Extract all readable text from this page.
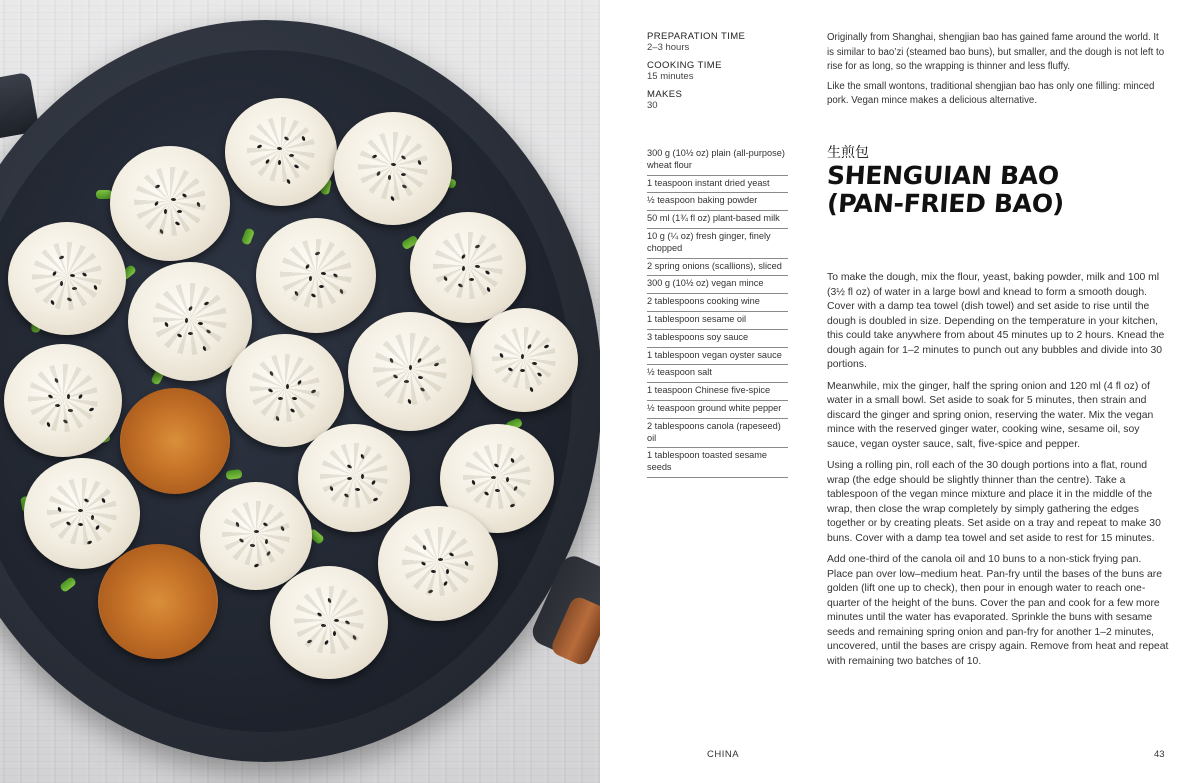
PREPARATION TIME
2–3 hours
COOKING TIME
15 minutes
MAKES
30

Originally from Shanghai, shengjian bao has gained fame around the world. It is similar to bao’zi (steamed bao buns), but smaller, and the dough is not left to rise for as long, so the wrapping is thinner and less fluffy.

Like the small wontons, traditional shengjian bao has only one filling: minced pork. Vegan mince makes a delicious alternative.

300 g (10½ oz) plain (all-purpose) wheat flour
1 teaspoon instant dried yeast
½ teaspoon baking powder
50 ml (1¾ fl oz) plant-based milk
10 g (¼ oz) fresh ginger, finely chopped
2 spring onions (scallions), sliced
300 g (10½ oz) vegan mince
2 tablespoons cooking wine
1 tablespoon sesame oil
3 tablespoons soy sauce
1 tablespoon vegan oyster sauce
½ teaspoon salt
1 teaspoon Chinese five-spice
½ teaspoon ground white pepper
2 tablespoons canola (rapeseed) oil
1 tablespoon toasted sesame seeds
生煎包
SHENGUIAN BAO
(PAN-FRIED BAO)

To make the dough, mix the flour, yeast, baking powder, milk and 100 ml (3½ fl oz) of water in a large bowl and knead to form a smooth dough. Cover with a damp tea towel (dish towel) and set aside to rise until the dough is doubled in size. Depending on the temperature in your kitchen, this could take anywhere from about 45 minutes up to 2 hours. Knead the dough again for 1–2 minutes to punch out any bubbles and divide into 30 portions.

Meanwhile, mix the ginger, half the spring onion and 120 ml (4 fl oz) of water in a small bowl. Set aside to soak for 5 minutes, then strain and discard the ginger and spring onion, reserving the water. Mix the vegan mince with the reserved ginger water, cooking wine, sesame oil, soy sauce, vegan oyster sauce, salt, five-spice and pepper.

Using a rolling pin, roll each of the 30 dough portions into a flat, round wrap (the edge should be slightly thinner than the centre). Take a tablespoon of the vegan mince mixture and place it in the middle of the wrap, then close the wrap completely by simply gathering the edges together or by creating pleats. Set aside on a tray and repeat to make 30 buns. Cover with a damp tea towel and set aside to rest for 15 minutes.

Add one-third of the canola oil and 10 buns to a non-stick frying pan. Place pan over low–medium heat. Pan-fry until the bases of the buns are golden (lift one up to check), then pour in enough water to reach one-quarter of the height of the buns. Cover the pan and cook for a few more minutes until the water has evaporated. Sprinkle the buns with sesame seeds and remaining spring onion and pan-fry for another 1–2 minutes, uncovered, until the bases are crispy again. Remove from heat and repeat with remaining two batches of 10.

CHINA	43
